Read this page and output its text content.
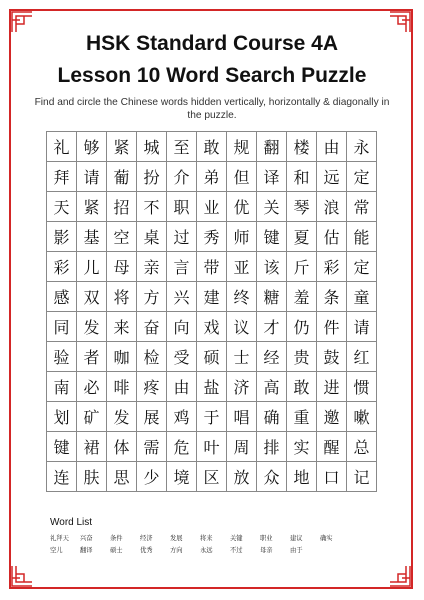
HSK Standard Course 4A
Lesson 10 Word Search Puzzle
Find and circle the Chinese words hidden vertically, horizontally & diagonally in the puzzle.
礼 够 紧 城 至 敢 规 翻 楼 由 永
拜 请 葡 扮 介 弟 但 译 和 远 定
天 紧 招 不 职 业 优 关 琴 浪 常
影 基 空 桌 过 秀 师 键 夏 估 能
彩 儿 母 亲 言 带 亚 该 斤 彩 定
感 双 将 方 兴 建 终 糖 羞 条 童
同 发 来 奋 向 戏 议 才 仍 件 请
验 者 咖 检 受 硕 士 经 贵 鼓 红
南 必 啡 疼 由 盐 济 高 敢 进 惯
划 矿 发 展 鸡 于 唱 确 重 邀 嗽
键 裙 体 需 危 叶 周 排 实 醒 总
连 肤 思 少 境 区 放 众 地 口 记
Word List
礼拜天	兴奋	条件	经济	发展	将来	关键	职业	建议	确实
空儿	翻译	硕士	优秀	方向	永远	不过	母亲	由于
